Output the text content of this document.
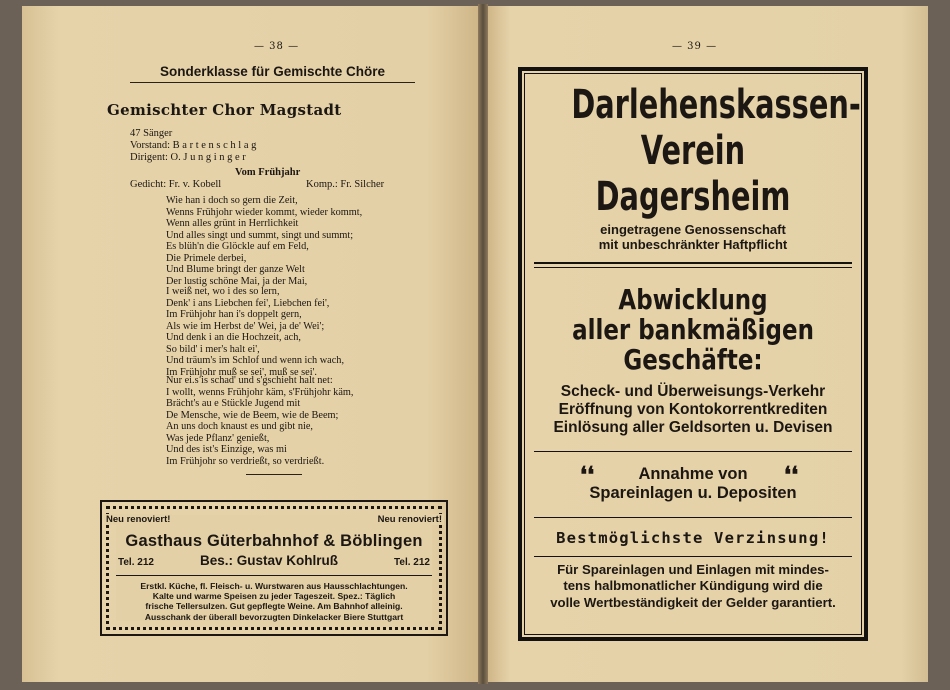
— 38 —
Sonderklasse für Gemischte Chöre
Gemischter Chor Magstadt
47 Sänger
Vorstand: B a r t e n s c h l a g
Dirigent: O. J u n g i n g e r
Vom Frühjahr
Gedicht: Fr. v. Kobell	Komp.: Fr. Silcher
Wie han i doch so gern die Zeit,
Wenns Frühjohr wieder kommt, wieder kommt,
Wenn alles grünt in Herrlichkeit
Und alles singt und summt, singt und summt;
Es blüh'n die Glöckle auf em Feld,
Die Primele derbei,
Und Blume bringt der ganze Welt
Der lustig schöne Mai, ja der Mai,
I weiß net, wo i des so lern,
Denk' i ans Liebchen fei', Liebchen fei',
Im Frühjohr han i's doppelt gern,
Als wie im Herbst de' Wei, ja de' Wei';
Und denk i an die Hochzeit, ach,
So bild' i mer's halt ei',
Und träum's im Schlof und wenn ich wach,
Im Frühjohr muß se sei', muß se sei'.
Nur ei.s is schad' und s'gschieht halt net:
I wollt, wenns Frühjohr käm, s'Frühjohr käm,
Brächt's au e Stückle Jugend mit
De Mensche, wie de Beem, wie de Beem;
An uns doch knaust es und gibt nie,
Was jede Pflanz' genießt,
Und des ist's Einzige, was mi
Im Frühjohr so verdrießt, so verdrießt.
Neu renoviert!	Neu renoviert!
Gasthaus Güterbahnhof & Böblingen
Tel. 212	Bes.: Gustav Kohlruß	Tel. 212
Erstkl. Küche, fl. Fleisch- u. Wurstwaren aus Hausschlachtungen.
Kalte und warme Speisen zu jeder Tageszeit. Spez.: Täglich
frische Tellersulzen. Gut gepflegte Weine. Am Bahnhof alleinig.
Ausschank der überall bevorzugten Dinkelacker Biere Stuttgart
— 39 —
Darlehenskassen-
Verein
Dagersheim
eingetragene Genossenschaft
mit unbeschränkter Haftpflicht
Abwicklung
aller bankmäßigen
Geschäfte:
Scheck- und Überweisungs-Verkehr
Eröffnung von Kontokorrentkrediten
Einlösung aller Geldsorten u. Devisen
❛❛	❛❛
Annahme von
Spareinlagen u. Depositen
Bestmöglichste Verzinsung!
Für Spareinlagen und Einlagen mit mindes-
tens halbmonatlicher Kündigung wird die
volle Wertbeständigkeit der Gelder garantiert.
